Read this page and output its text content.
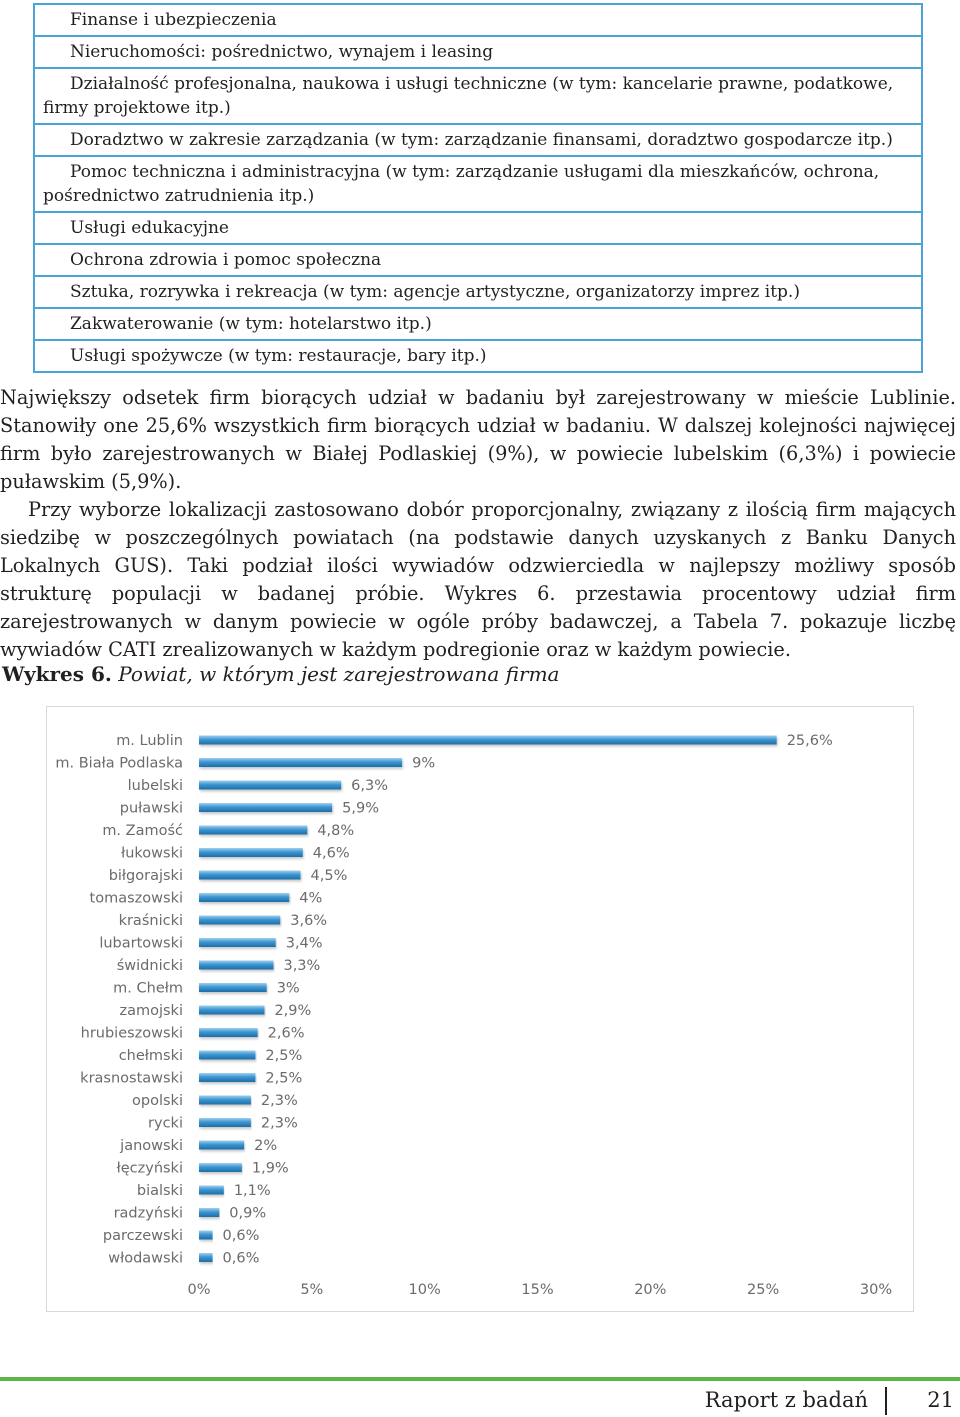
Finanse i ubezpieczenia
Nieruchomości: pośrednictwo, wynajem i leasing
Działalność profesjonalna, naukowa i usługi techniczne (w tym: kancelarie prawne, podatkowe, firmy projektowe itp.)
Doradztwo w zakresie zarządzania (w tym: zarządzanie finansami, doradztwo gospodarcze itp.)
Pomoc techniczna i administracyjna (w tym: zarządzanie usługami dla mieszkańców, ochrona, pośrednictwo zatrudnienia itp.)
Usługi edukacyjne
Ochrona zdrowia i pomoc społeczna
Sztuka, rozrywka i rekreacja (w tym: agencje artystyczne, organizatorzy imprez itp.)
Zakwaterowanie (w tym: hotelarstwo itp.)
Usługi spożywcze (w tym: restauracje, bary itp.)

Największy odsetek firm biorących udział w badaniu był zarejestrowany w mieście Lublinie. Stanowiły one 25,6% wszystkich firm biorących udział w badaniu. W dalszej kolejności najwięcej firm było zarejestrowanych w Białej Podlaskiej (9%), w powiecie lubelskim (6,3%) i powiecie puławskim (5,9%).

Przy wyborze lokalizacji zastosowano dobór proporcjonalny, związany z ilością firm mających siedzibę w poszczególnych powiatach (na podstawie danych uzyskanych z Banku Danych Lokalnych GUS). Taki podział ilości wywiadów odzwierciedla w najlepszy możliwy sposób strukturę populacji w badanej próbie. Wykres 6. przestawia procentowy udział firm zarejestrowanych w danym powiecie w ogóle próby badawczej, a Tabela 7. pokazuje liczbę wywiadów CATI zrealizowanych w każdym podregionie oraz w każdym powiecie.

Wykres 6. Powiat, w którym jest zarejestrowana firma
m. Lublin	25,6%
m. Biała Podlaska	9%
lubelski	6,3%
puławski	5,9%
m. Zamość	4,8%
łukowski	4,6%
biłgorajski	4,5%
tomaszowski	4%
kraśnicki	3,6%
lubartowski	3,4%
świdnicki	3,3%
m. Chełm	3%
zamojski	2,9%
hrubieszowski	2,6%
chełmski	2,5%
krasnostawski	2,5%
opolski	2,3%
rycki	2,3%
janowski	2%
łęczyński	1,9%
bialski	1,1%
radzyński	0,9%
parczewski	0,6%
włodawski	0,6%
0%	5%	10%	15%	20%	25%	30%
Raport z badań	21
